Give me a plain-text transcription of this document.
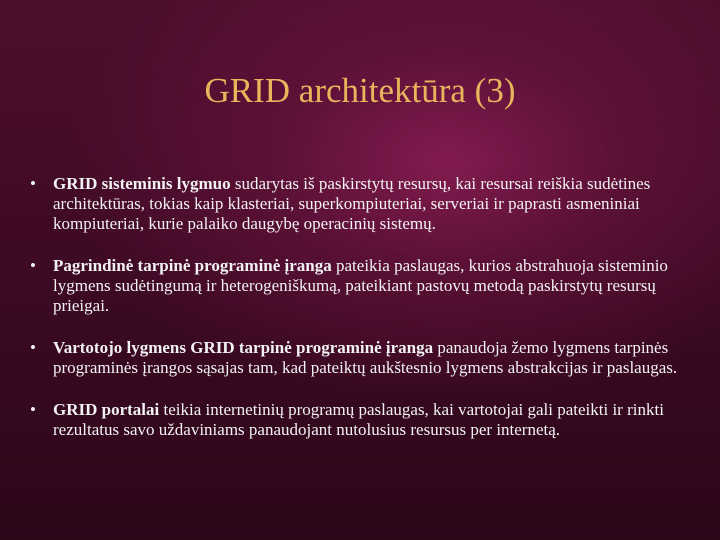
GRID architektūra (3)
• GRID sisteminis lygmuo sudarytas iš paskirstytų resursų, kai resursai reiškia sudėtines architektūras, tokias kaip klasteriai, superkompiuteriai, serveriai ir paprasti asmeniniai kompiuteriai, kurie palaiko daugybę operacinių sistemų.
• Pagrindinė tarpinė programinė įranga pateikia paslaugas, kurios abstrahuoja sisteminio lygmens sudėtingumą ir heterogeniškumą, pateikiant pastovų metodą paskirstytų resursų prieigai.
• Vartotojo lygmens GRID tarpinė programinė įranga panaudoja žemo lygmens tarpinės programinės įrangos sąsajas tam, kad pateiktų aukštesnio lygmens abstrakcijas ir paslaugas.
• GRID portalai teikia internetinių programų paslaugas, kai vartotojai gali pateikti ir rinkti rezultatus savo uždaviniams panaudojant nutolusius resursus per internetą.
